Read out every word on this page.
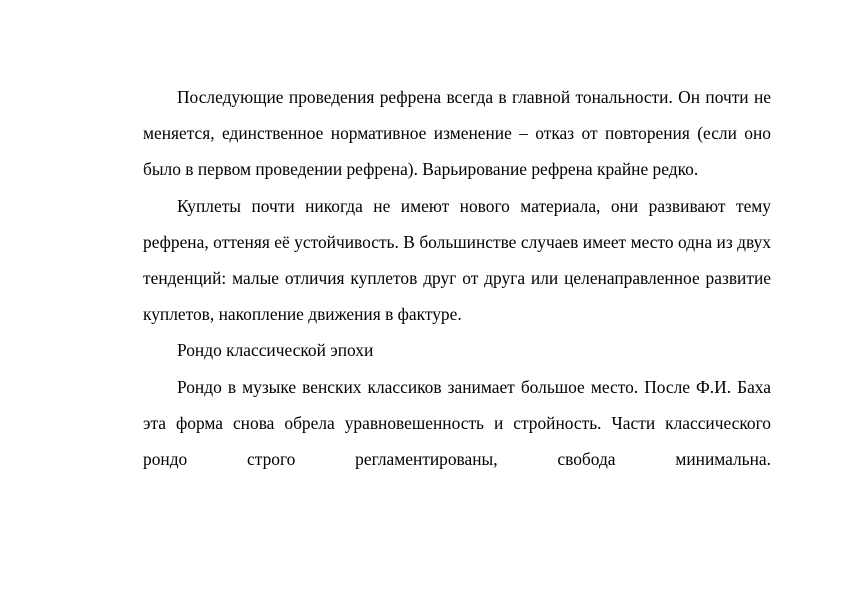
Последующие проведения рефрена всегда в главной тональности. Он почти не меняется, единственное нормативное изменение – отказ от повторения (если оно было в первом проведении рефрена). Варьирование рефрена крайне редко.

Куплеты почти никогда не имеют нового материала, они развивают тему рефрена, оттеняя её устойчивость. В большинстве случаев имеет место одна из двух тенденций: малые отличия куплетов друг от друга или целенаправленное развитие куплетов, накопление движения в фактуре.

Рондо классической эпохи

Рондо в музыке венских классиков занимает большое место. После Ф.И. Баха эта форма снова обрела уравновешенность и стройность. Части классического рондо строго регламентированы, свобода минимальна.
